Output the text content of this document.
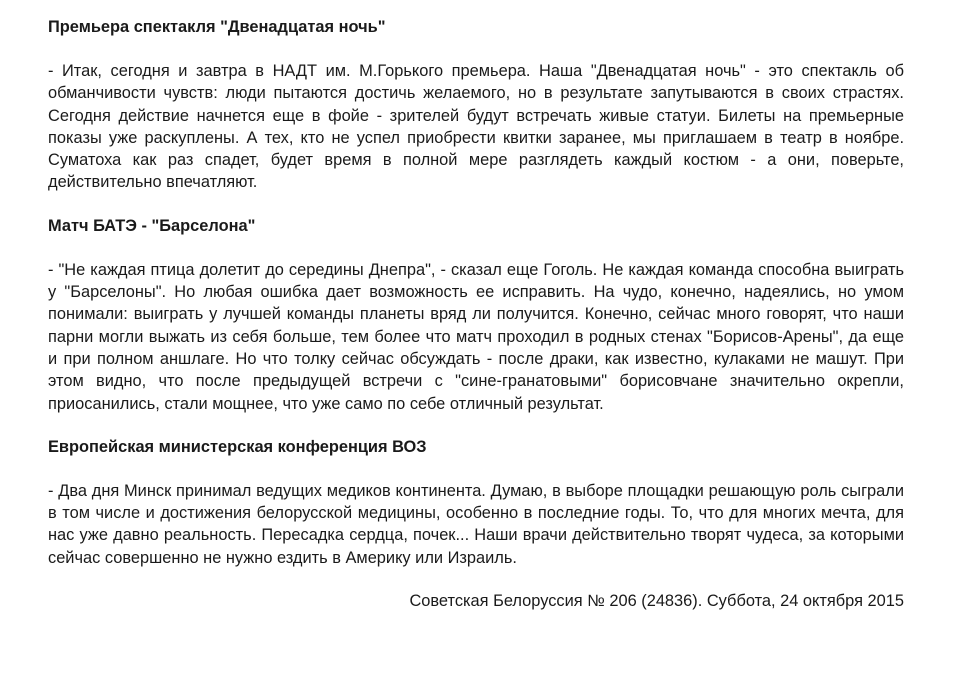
Премьера спектакля "Двенадцатая ночь"

- Итак, сегодня и завтра в НАДТ им. М.Горького премьера. Наша "Двенадцатая ночь" - это спектакль об обманчивости чувств: люди пытаются достичь желаемого, но в результате запутываются в своих страстях. Сегодня действие начнется еще в фойе - зрителей будут встречать живые статуи. Билеты на премьерные показы уже раскуплены. А тех, кто не успел приобрести квитки заранее, мы приглашаем в театр в ноябре. Суматоха как раз спадет, будет время в полной мере разглядеть каждый костюм - а они, поверьте, действительно впечатляют.

Матч БАТЭ - "Барселона"

- "Не каждая птица долетит до середины Днепра", - сказал еще Гоголь. Не каждая команда способна выиграть у "Барселоны". Но любая ошибка дает возможность ее исправить. На чудо, конечно, надеялись, но умом понимали: выиграть у лучшей команды планеты вряд ли получится. Конечно, сейчас много говорят, что наши парни могли выжать из себя больше, тем более что матч проходил в родных стенах "Борисов-Арены", да еще и при полном аншлаге. Но что толку сейчас обсуждать - после драки, как известно, кулаками не машут. При этом видно, что после предыдущей встречи с "сине-гранатовыми" борисовчане значительно окрепли, приосанились, стали мощнее, что уже само по себе отличный результат.

Европейская министерская конференция ВОЗ

- Два дня Минск принимал ведущих медиков континента. Думаю, в выборе площадки решающую роль сыграли в том числе и достижения белорусской медицины, особенно в последние годы. То, что для многих мечта, для нас уже давно реальность. Пересадка сердца, почек... Наши врачи действительно творят чудеса, за которыми сейчас совершенно не нужно ездить в Америку или Израиль.

Советская Белоруссия № 206 (24836). Суббота, 24 октября 2015
